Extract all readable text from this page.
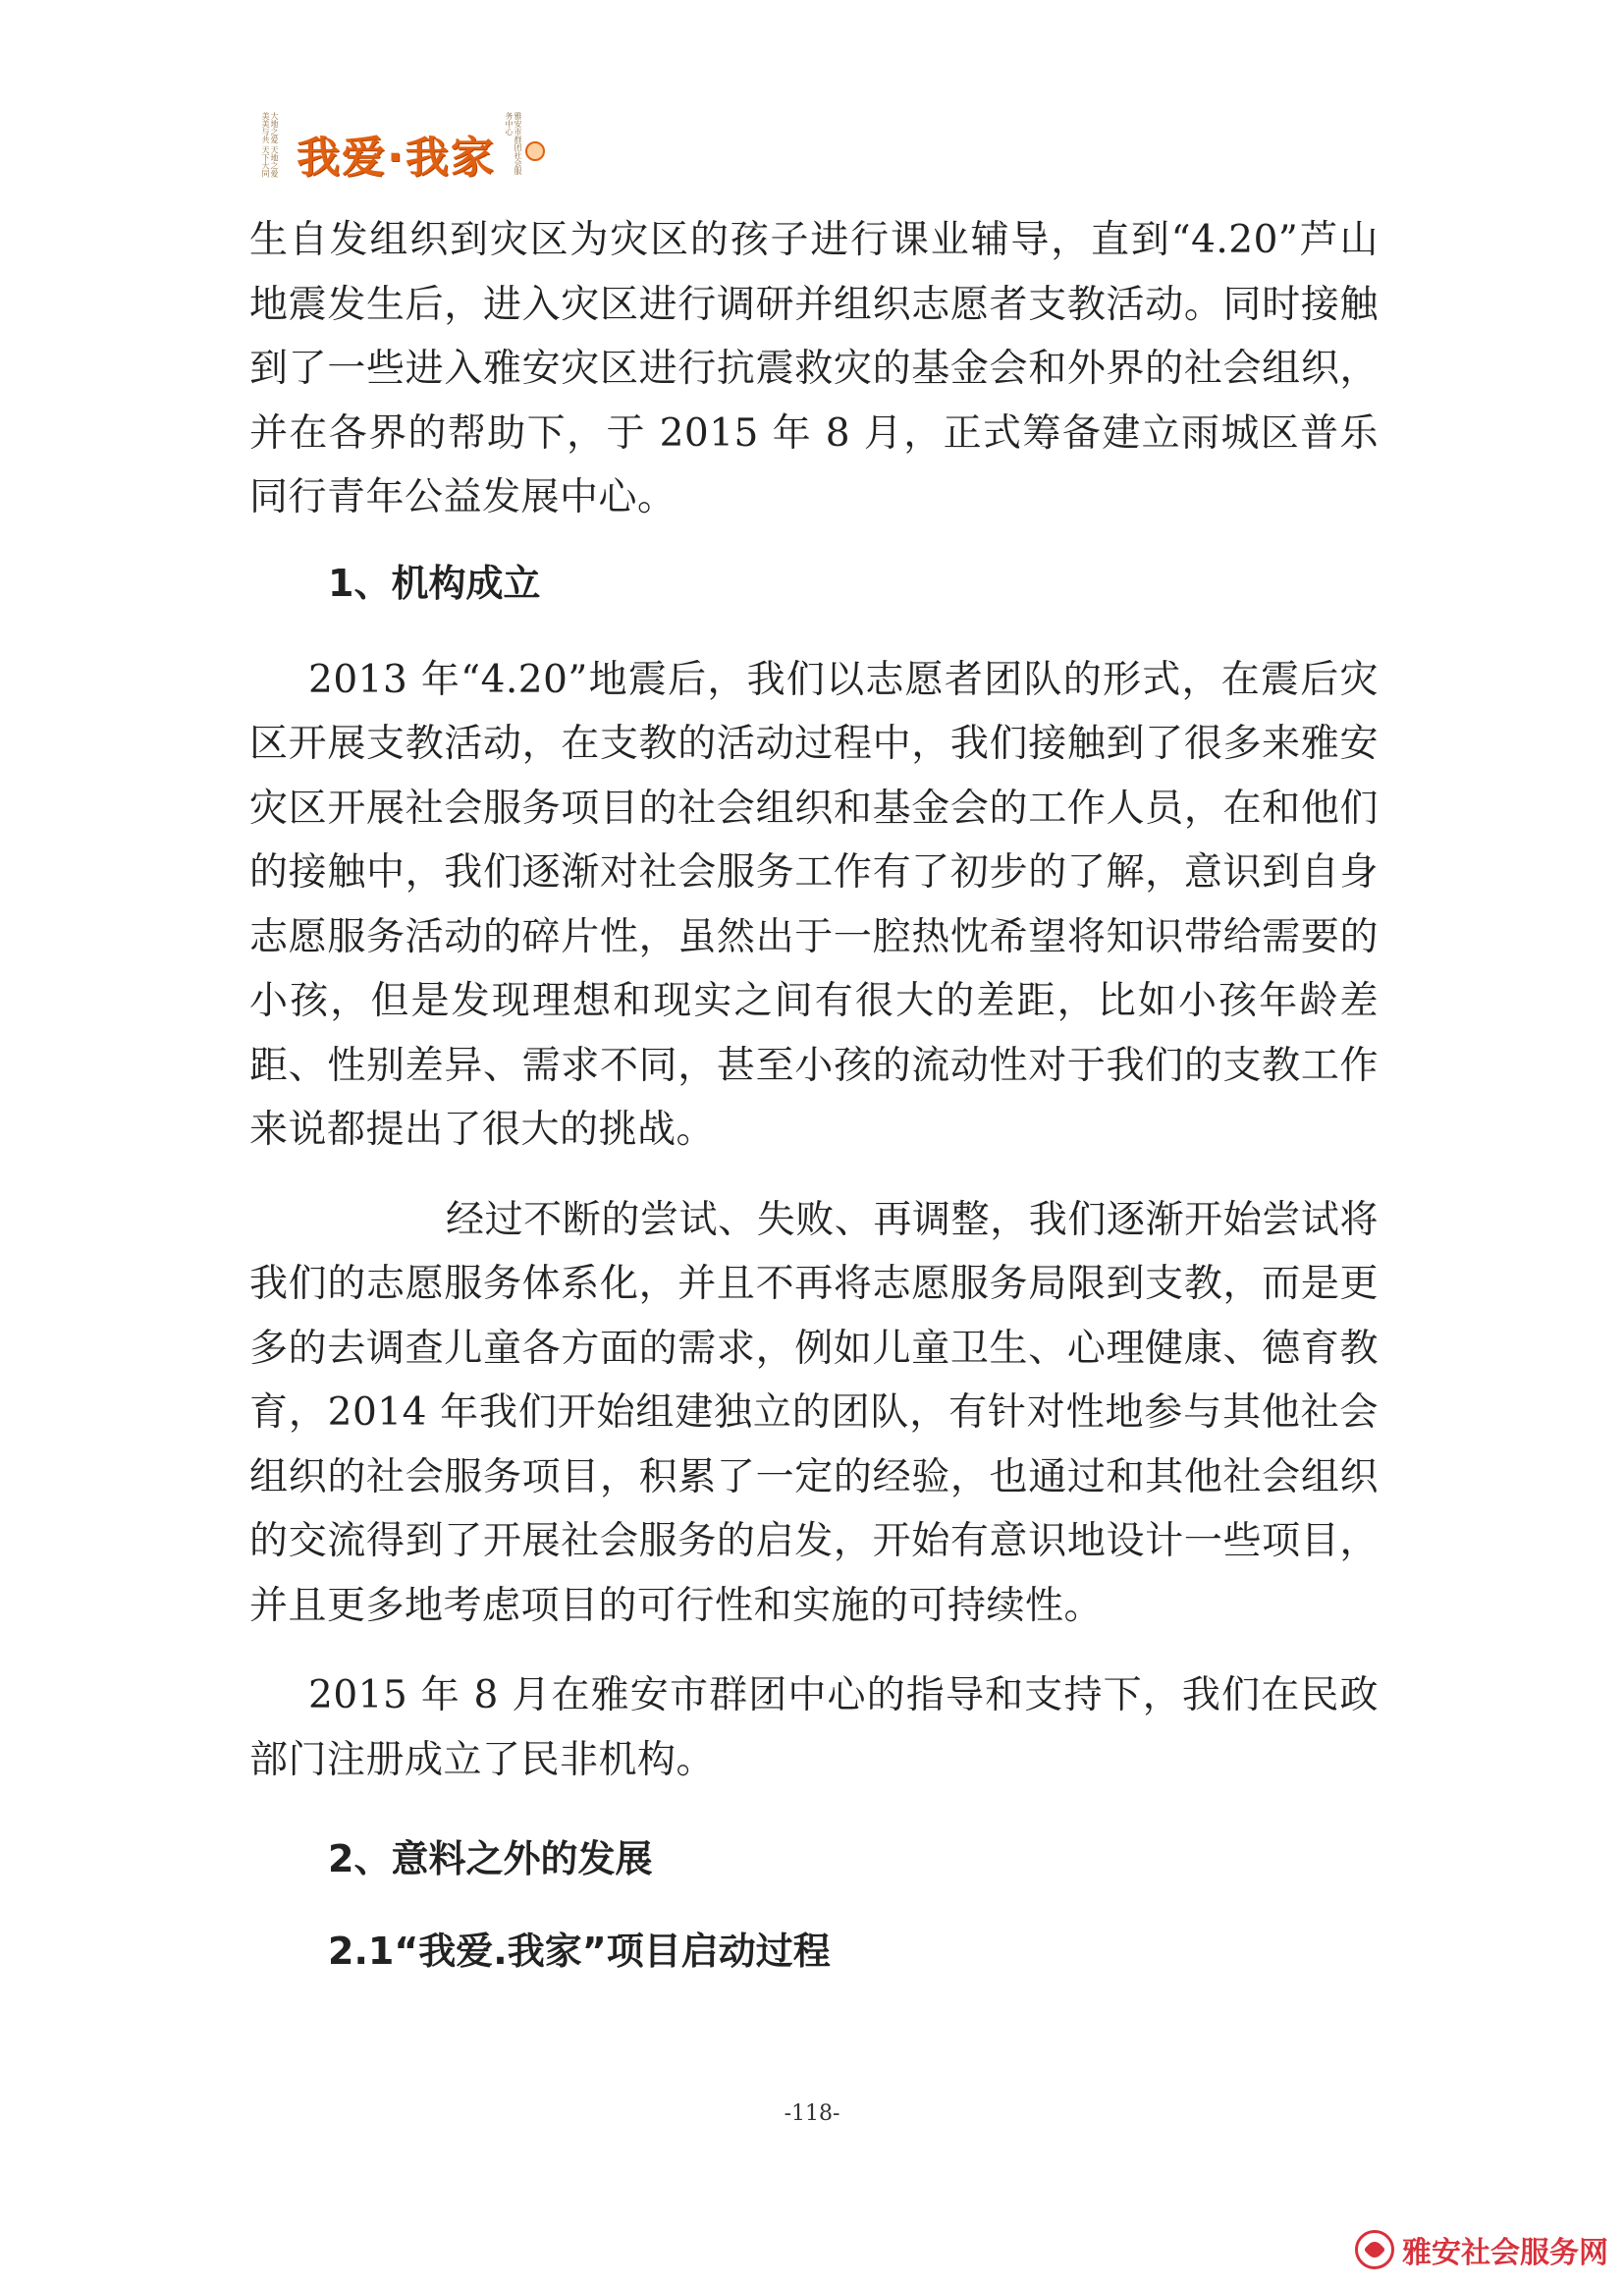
大地之爱 天地之爱 美美与共 天下大同 我爱·我家	雅安市群团社会服务中心

生自发组织到灾区为灾区的孩子进行课业辅导，直到“4.20”芦山地震发生后，进入灾区进行调研并组织志愿者支教活动。同时接触到了一些进入雅安灾区进行抗震救灾的基金会和外界的社会组织，并在各界的帮助下，于 2015 年 8 月，正式筹备建立雨城区普乐同行青年公益发展中心。

1、机构成立

2013 年“4.20”地震后，我们以志愿者团队的形式，在震后灾区开展支教活动，在支教的活动过程中，我们接触到了很多来雅安灾区开展社会服务项目的社会组织和基金会的工作人员，在和他们的接触中，我们逐渐对社会服务工作有了初步的了解，意识到自身志愿服务活动的碎片性，虽然出于一腔热忱希望将知识带给需要的小孩，但是发现理想和现实之间有很大的差距，比如小孩年龄差距、性别差异、需求不同，甚至小孩的流动性对于我们的支教工作来说都提出了很大的挑战。

经过不断的尝试、失败、再调整，我们逐渐开始尝试将我们的志愿服务体系化，并且不再将志愿服务局限到支教，而是更多的去调查儿童各方面的需求，例如儿童卫生、心理健康、德育教育，2014 年我们开始组建独立的团队，有针对性地参与其他社会组织的社会服务项目，积累了一定的经验，也通过和其他社会组织的交流得到了开展社会服务的启发，开始有意识地设计一些项目，并且更多地考虑项目的可行性和实施的可持续性。

2015 年 8 月在雅安市群团中心的指导和支持下，我们在民政部门注册成立了民非机构。

2、意料之外的发展

2.1“我爱.我家”项目启动过程

-118-
雅安社会服务网
